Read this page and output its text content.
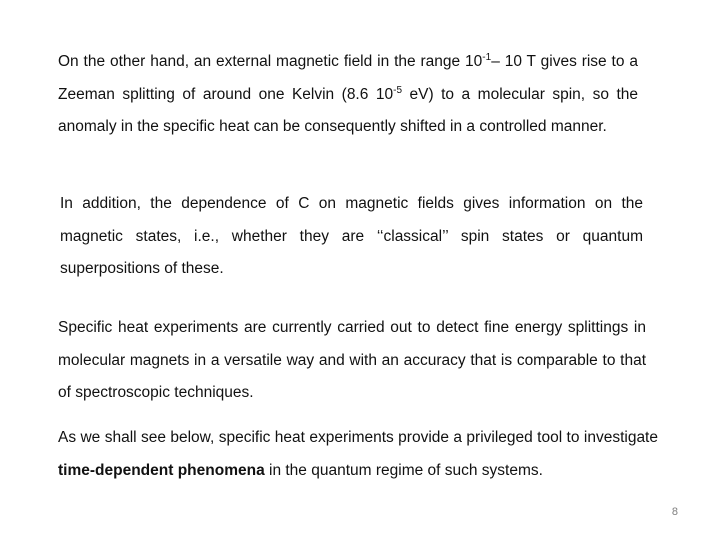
On the other hand, an external magnetic field in the range $10^{-1}-$ 10 T gives rise to a Zeeman splitting of around one Kelvin (8.6 $10^{-5}$ eV) to a molecular spin, so the anomaly in the specific heat can be consequently shifted in a controlled manner.
In addition, the dependence of C on magnetic fields gives information on the magnetic states, i.e., whether they are ‘‘classical’’ spin states or quantum superpositions of these.
Specific heat experiments are currently carried out to detect fine energy splittings in molecular magnets in a versatile way and with an accuracy that is comparable to that of spectroscopic techniques.
As we shall see below, specific heat experiments provide a privileged tool to investigate time-dependent phenomena in the quantum regime of such systems.
8
